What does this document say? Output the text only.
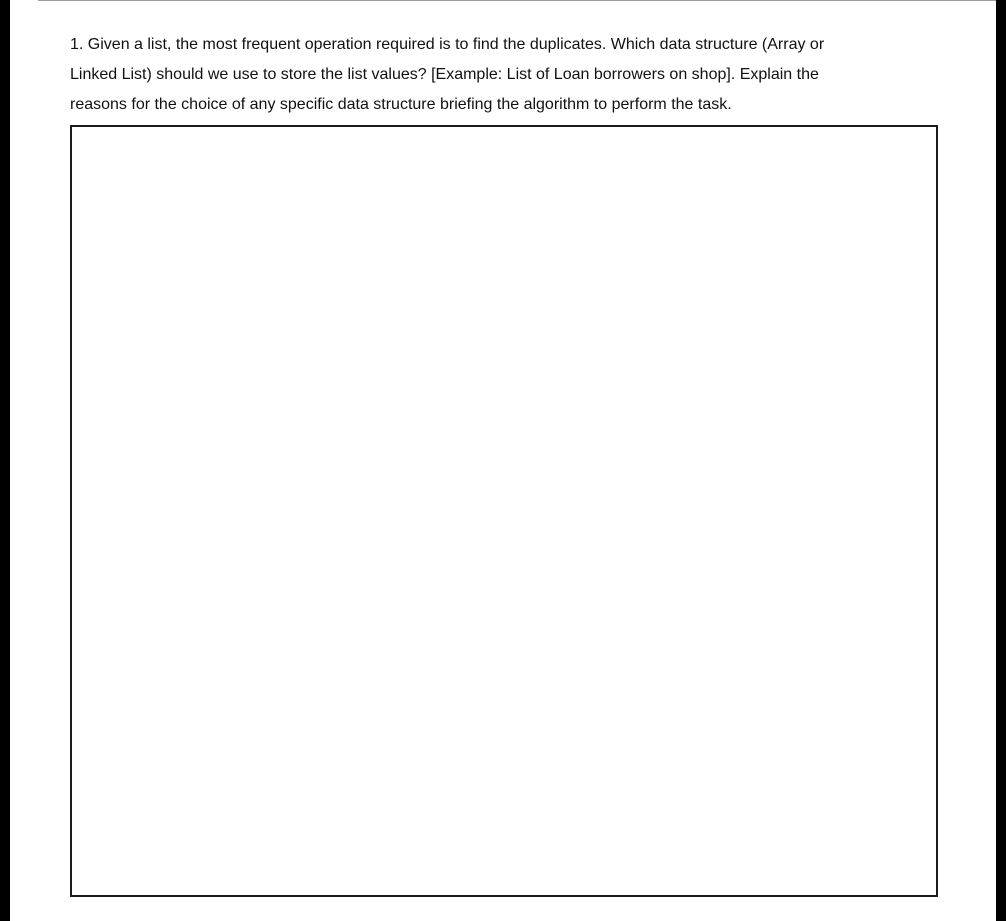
1. Given a list, the most frequent operation required is to find the duplicates. Which data structure (Array or
Linked List) should we use to store the list values? [Example: List of Loan borrowers on shop]. Explain the
reasons for the choice of any specific data structure briefing the algorithm to perform the task.
